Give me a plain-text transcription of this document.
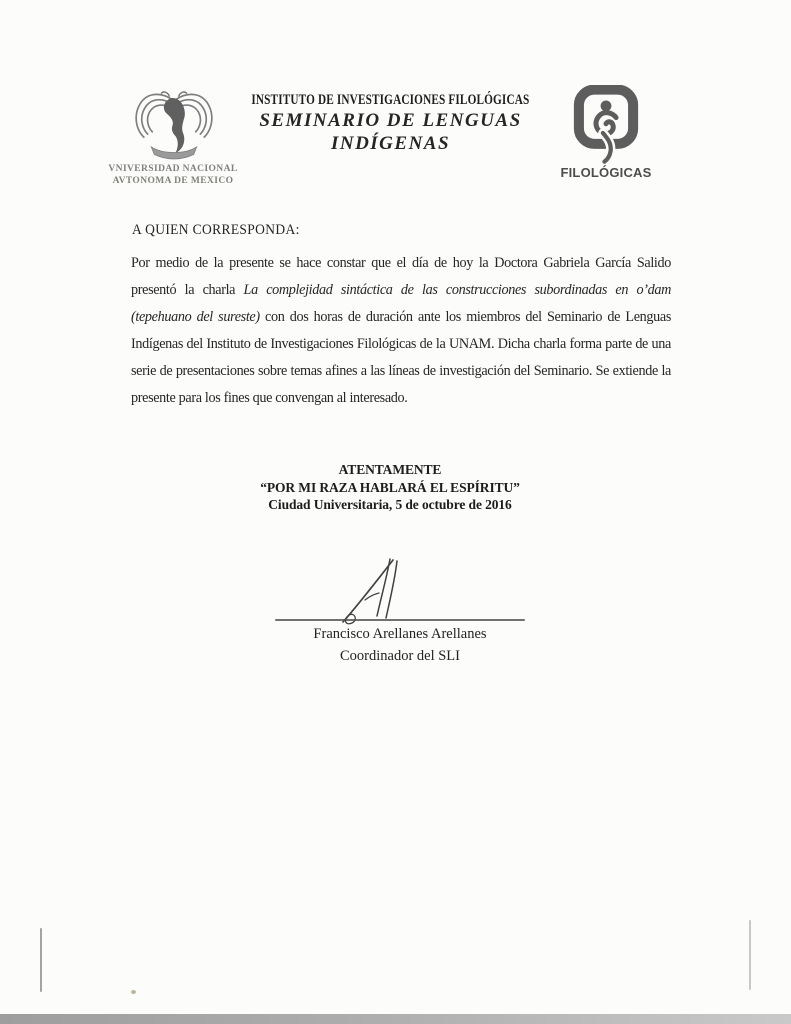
VNIVERSIDAD NACIONAL
AVTONOMA DE MEXICO
INSTITUTO DE INVESTIGACIONES FILOLÓGICAS
SEMINARIO DE LENGUAS
INDÍGENAS
FILOLÓGICAS
A QUIEN CORRESPONDA:

Por medio de la presente se hace constar que el día de hoy la Doctora Gabriela García Salido presentó la charla La complejidad sintáctica de las construcciones subordinadas en o’dam (tepehuano del sureste) con dos horas de duración ante los miembros del Seminario de Lenguas Indígenas del Instituto de Investigaciones Filológicas de la UNAM. Dicha charla forma parte de una serie de presentaciones sobre temas afines a las líneas de investigación del Seminario. Se extiende la presente para los fines que convengan al interesado.

ATENTAMENTE
“POR MI RAZA HABLARÁ EL ESPÍRITU”
Ciudad Universitaria, 5 de octubre de 2016
Francisco Arellanes Arellanes
Coordinador del SLI
